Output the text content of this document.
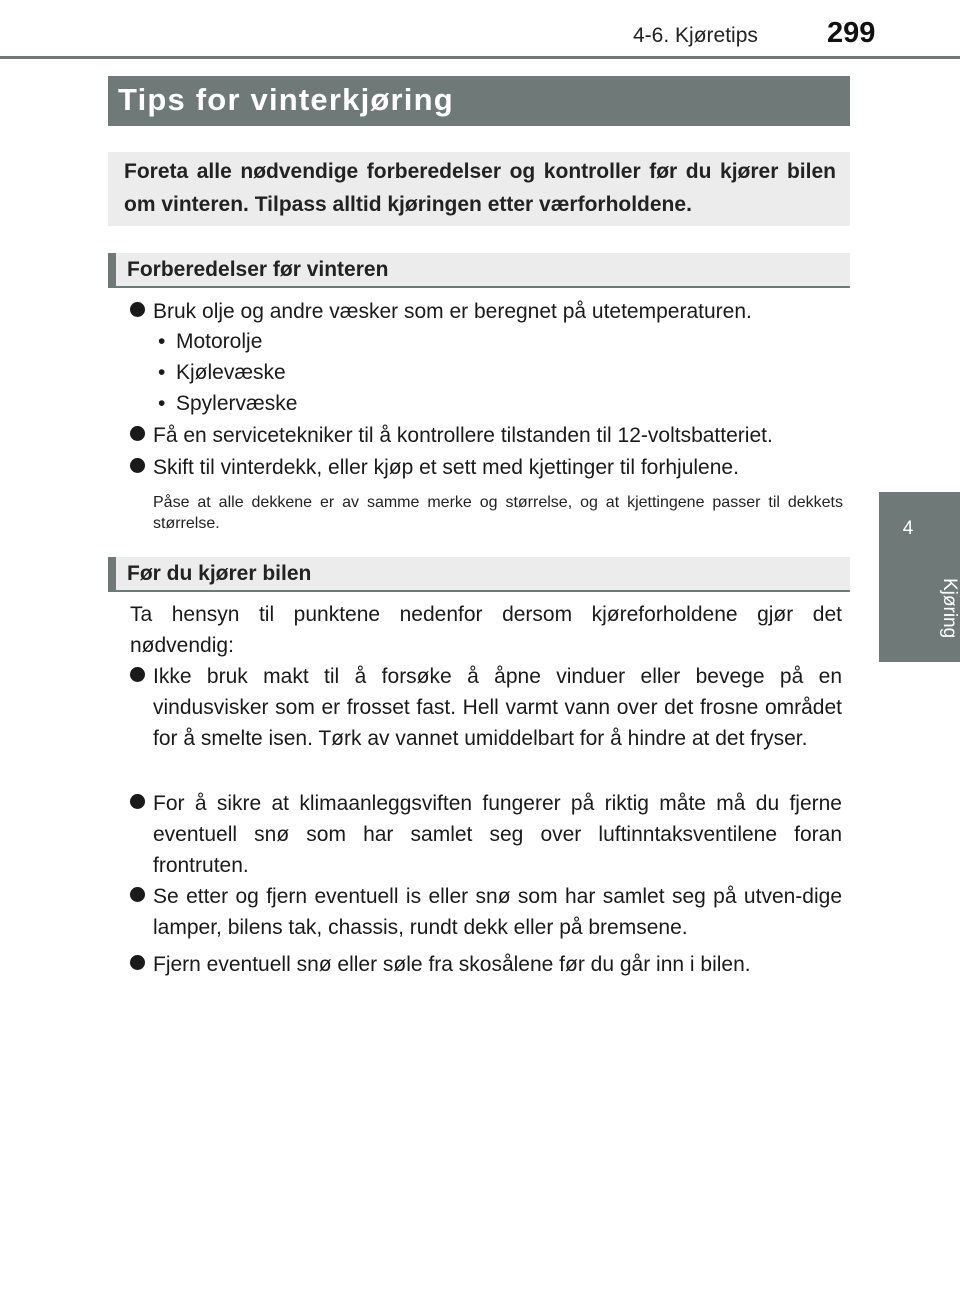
4-6. Kjøretips 299
4
Kjøring
Tips for vinterkjøring
Foreta alle nødvendige forberedelser og kontroller før du kjører bilen om vinteren. Tilpass alltid kjøringen etter værforholdene.
Forberedelser før vinteren
Bruk olje og andre væsker som er beregnet på utetemperaturen.
• Motorolje
• Kjølevæske
• Spylervæske
Få en servicetekniker til å kontrollere tilstanden til 12-voltsbatteriet.
Skift til vinterdekk, eller kjøp et sett med kjettinger til forhjulene.
Påse at alle dekkene er av samme merke og størrelse, og at kjettingene passer til dekkets størrelse.
Før du kjører bilen
Ta hensyn til punktene nedenfor dersom kjøreforholdene gjør det nødvendig:
Ikke bruk makt til å forsøke å åpne vinduer eller bevege på en vindusvisker som er frosset fast. Hell varmt vann over det frosne området for å smelte isen. Tørk av vannet umiddelbart for å hindre at det fryser.
For å sikre at klimaanleggsviften fungerer på riktig måte må du fjerne eventuell snø som har samlet seg over luftinntaksventilene foran frontruten.
Se etter og fjern eventuell is eller snø som har samlet seg på utven-dige lamper, bilens tak, chassis, rundt dekk eller på bremsene.
Fjern eventuell snø eller søle fra skosålene før du går inn i bilen.
